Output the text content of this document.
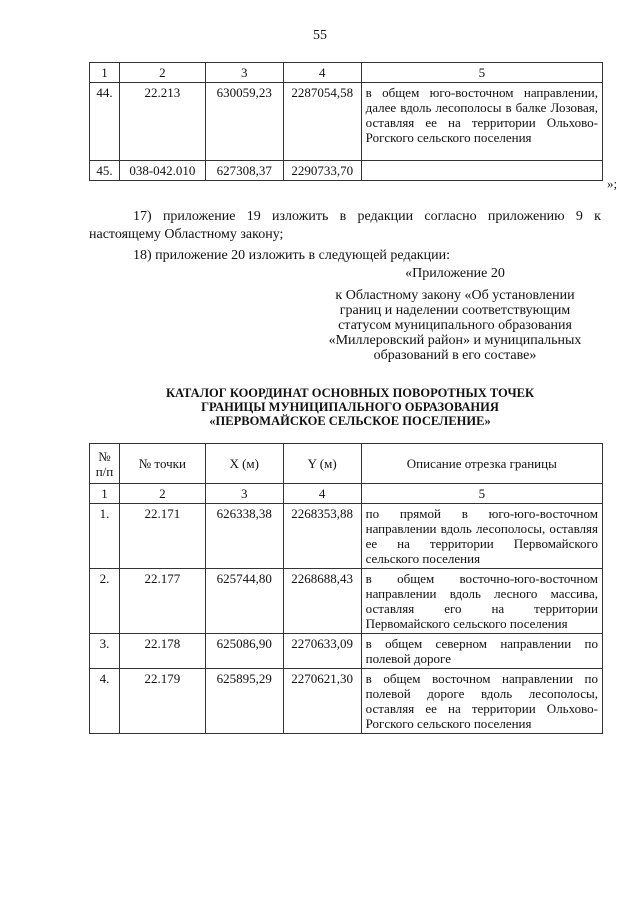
55
1	2	3	4	5
44.	22.213	630059,23	2287054,58	в общем юго-восточном направлении, далее вдоль лесополосы в балке Лозовая, оставляя ее на территории Ольхово-Рогского сельского поселения
45.	038-042.010	627308,37	2290733,70	
»;
17) приложение 19 изложить в редакции согласно приложению 9 к настоящему Областному закону;
18) приложение 20 изложить в следующей редакции:
«Приложение 20
к Областному закону «Об установлении
границ и наделении соответствующим
статусом муниципального образования
«Миллеровский район» и муниципальных
образований в его составе»
КАТАЛОГ КООРДИНАТ ОСНОВНЫХ ПОВОРОТНЫХ ТОЧЕК
ГРАНИЦЫ МУНИЦИПАЛЬНОГО ОБРАЗОВАНИЯ
«ПЕРВОМАЙСКОЕ СЕЛЬСКОЕ ПОСЕЛЕНИЕ»
№ п/п	№ точки	X (м)	Y (м)	Описание отрезка границы
1	2	3	4	5
1.	22.171	626338,38	2268353,88	по прямой в юго-юго-восточном направлении вдоль лесополосы, оставляя ее на территории Первомайского сельского поселения
2.	22.177	625744,80	2268688,43	в общем восточно-юго-восточном направлении вдоль лесного массива, оставляя его на территории Первомайского сельского поселения
3.	22.178	625086,90	2270633,09	в общем северном направлении по полевой дороге
4.	22.179	625895,29	2270621,30	в общем восточном направлении по полевой дороге вдоль лесополосы, оставляя ее на территории Ольхово-Рогского сельского поселения
